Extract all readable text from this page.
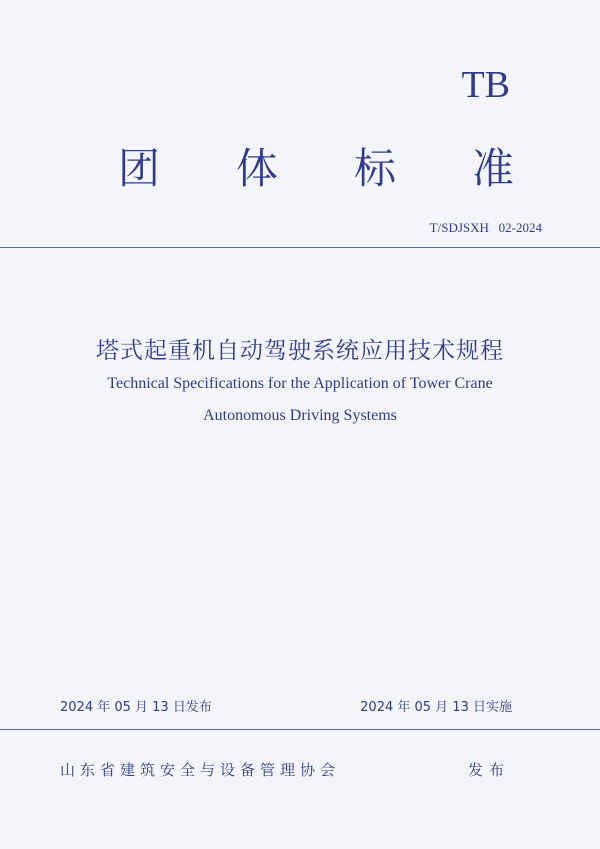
TB
团 体 标 准
T/SDJSXH   02-2024
塔式起重机自动驾驶系统应用技术规程
Technical Specifications for the Application of Tower Crane
Autonomous Driving Systems
2024 年 05 月 13 日发布	2024 年 05 月 13 日实施
山东省建筑安全与设备管理协会	发布
